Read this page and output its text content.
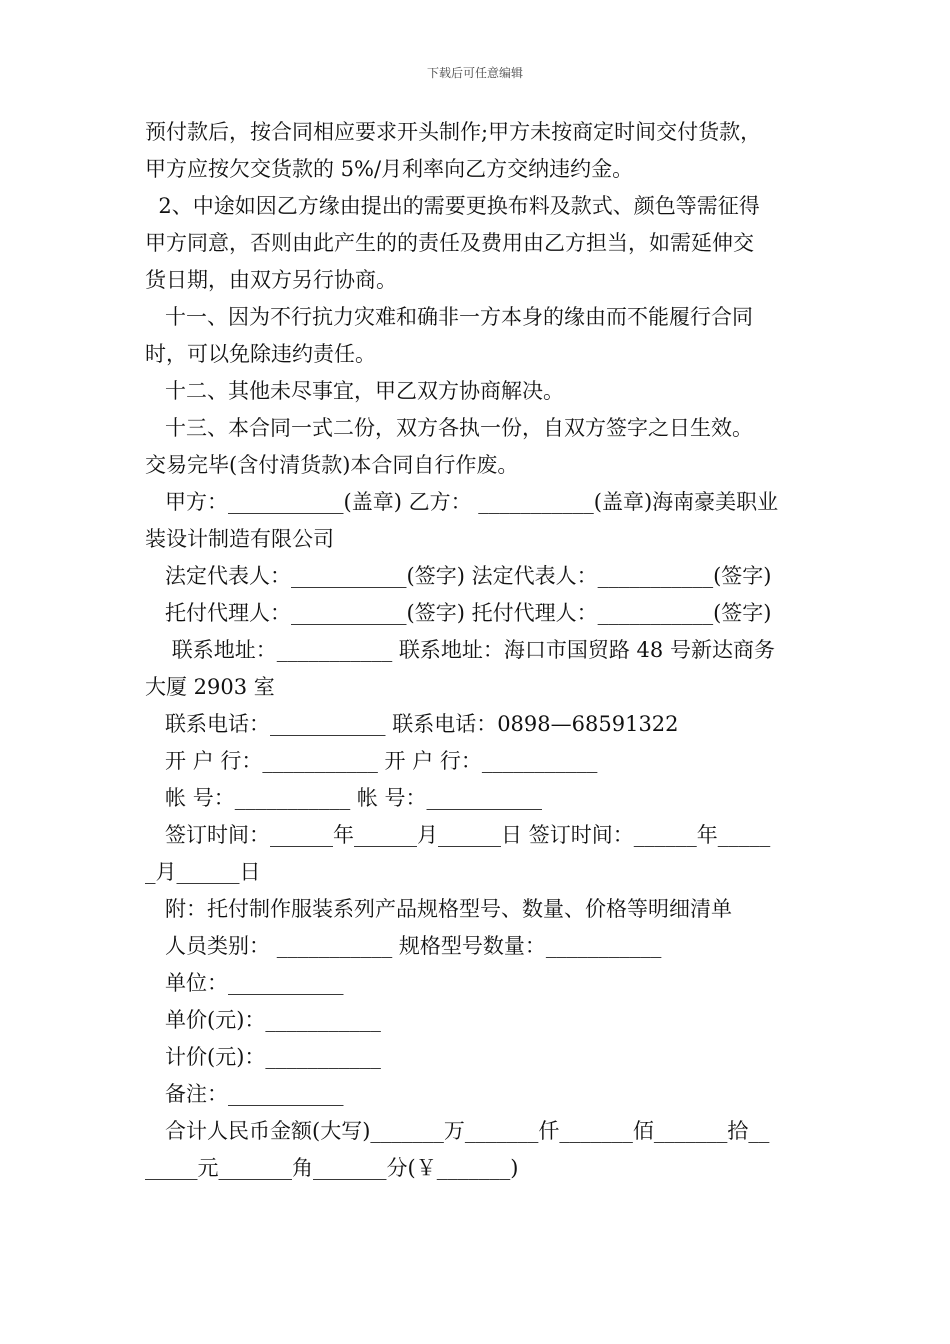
下载后可任意编辑
预付款后，按合同相应要求开头制作;甲方未按商定时间交付货款，
甲方应按欠交货款的 5%/月利率向乙方交纳违约金。
2、中途如因乙方缘由提出的需要更换布料及款式、颜色等需征得
甲方同意，否则由此产生的的责任及费用由乙方担当，如需延伸交
货日期，由双方另行协商。
十一、因为不行抗力灾难和确非一方本身的缘由而不能履行合同
时，可以免除违约责任。
十二、其他未尽事宜，甲乙双方协商解决。
十三、本合同一式二份，双方各执一份，自双方签字之日生效。
交易完毕(含付清货款)本合同自行作废。
甲方：___________(盖章) 乙方： ___________(盖章)海南豪美职业
装设计制造有限公司
法定代表人：___________(签字) 法定代表人：___________(签字)
托付代理人：___________(签字) 托付代理人：___________(签字)
联系地址：___________ 联系地址：海口市国贸路 48 号新达商务
大厦 2903 室
联系电话：___________ 联系电话：0898—68591322
开 户 行：___________ 开 户 行：___________
帐 号：___________ 帐 号：___________
签订时间：______年______月______日 签订时间：______年_____
_月______日
附：托付制作服装系列产品规格型号、数量、价格等明细清单
人员类别： ___________ 规格型号数量：___________
单位：___________
单价(元)：___________
计价(元)：___________
备注：___________
合计人民币金额(大写)_______万_______仟_______佰_______拾__
_____元_______角_______分(￥_______)
